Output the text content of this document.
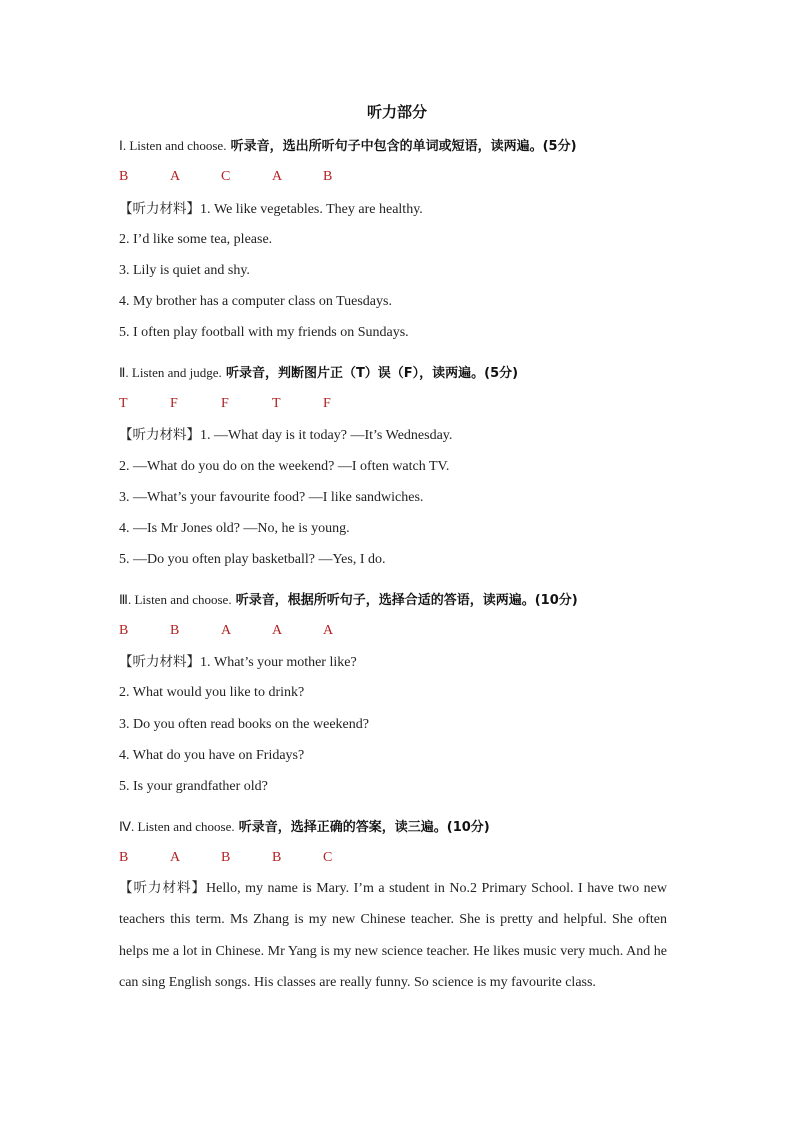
听力部分
Ⅰ. Listen and choose. 听录音，选出所听句子中包含的单词或短语，读两遍。(5分)
B	A	C	A	B
【听力材料】1. We like vegetables. They are healthy.
2. I’d like some tea, please.
3. Lily is quiet and shy.
4. My brother has a computer class on Tuesdays.
5. I often play football with my friends on Sundays.
Ⅱ. Listen and judge. 听录音，判断图片正（T）误（F），读两遍。(5分)
T	F	F	T	F
【听力材料】1. —What day is it today? —It’s Wednesday.
2. —What do you do on the weekend? —I often watch TV.
3. —What’s your favourite food? —I like sandwiches.
4. —Is Mr Jones old? —No, he is young.
5. —Do you often play basketball? —Yes, I do.
Ⅲ. Listen and choose. 听录音，根据所听句子，选择合适的答语，读两遍。(10分)
B	B	A	A	A
【听力材料】1. What’s your mother like?
2. What would you like to drink?
3. Do you often read books on the weekend?
4. What do you have on Fridays?
5. Is your grandfather old?
Ⅳ. Listen and choose. 听录音，选择正确的答案，读三遍。(10分)
B	A	B	B	C
【听力材料】Hello, my name is Mary. I’m a student in No.2 Primary School. I have two new teachers this term. Ms Zhang is my new Chinese teacher. She is pretty and helpful. She often helps me a lot in Chinese. Mr Yang is my new science teacher. He likes music very much. And he can sing English songs. His classes are really funny. So science is my favourite class.
